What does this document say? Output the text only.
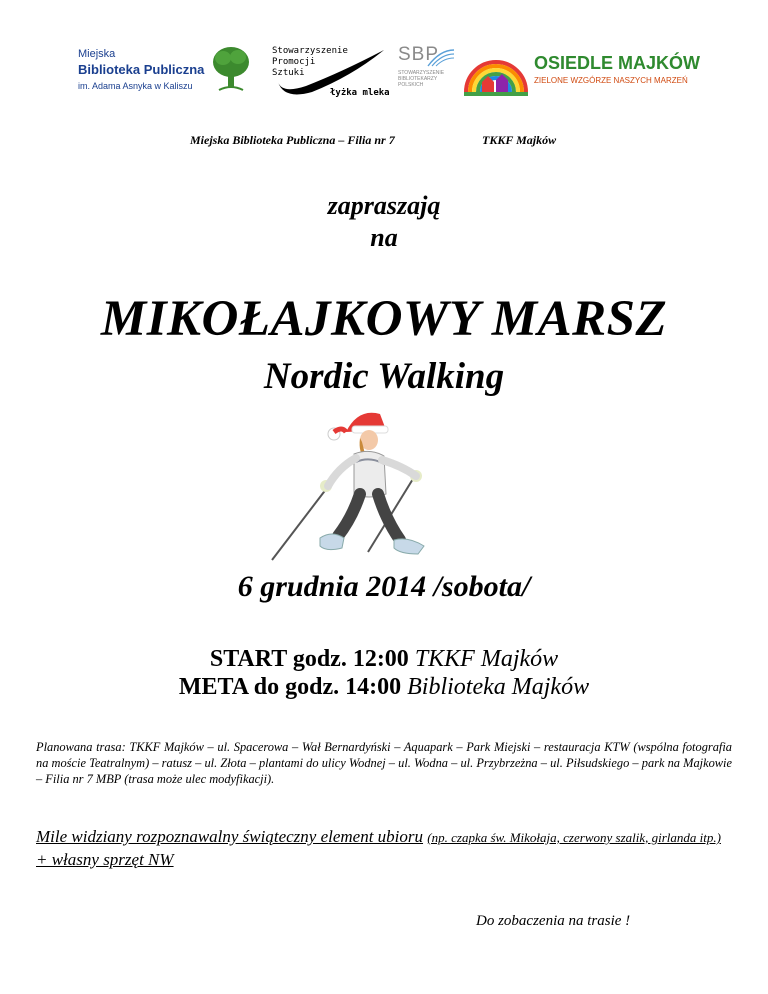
Miejska
Biblioteka Publiczna
im. Adama Asnyka w Kaliszu
Stowarzyszenie
Promocji
Sztuki
łyżka mleka
SBP
STOWARZYSZENIE BIBLIOTEKARZY POLSKICH
OSIEDLE MAJKÓW
ZIELONE WZGÓRZE NASZYCH MARZEŃ
Miejska Biblioteka Publiczna – Filia nr 7	TKKF Majków
zapraszają
na
MIKOŁAJKOWY MARSZ
Nordic Walking
6 grudnia 2014 /sobota/
START godz. 12:00 TKKF Majków
META do godz. 14:00 Biblioteka Majków
Planowana trasa: TKKF Majków – ul. Spacerowa – Wał Bernardyński – Aquapark – Park Miejski – restauracja KTW (wspólna fotografia na moście Teatralnym) – ratusz – ul. Złota – plantami do ulicy Wodnej – ul. Wodna – ul. Przybrzeżna – ul. Piłsudskiego – park na Majkowie – Filia nr 7 MBP (trasa może ulec modyfikacji).
Mile widziany rozpoznawalny świąteczny element ubioru (np. czapka św. Mikołaja, czerwony szalik, girlanda itp.) + własny sprzęt NW
Do zobaczenia na trasie !
